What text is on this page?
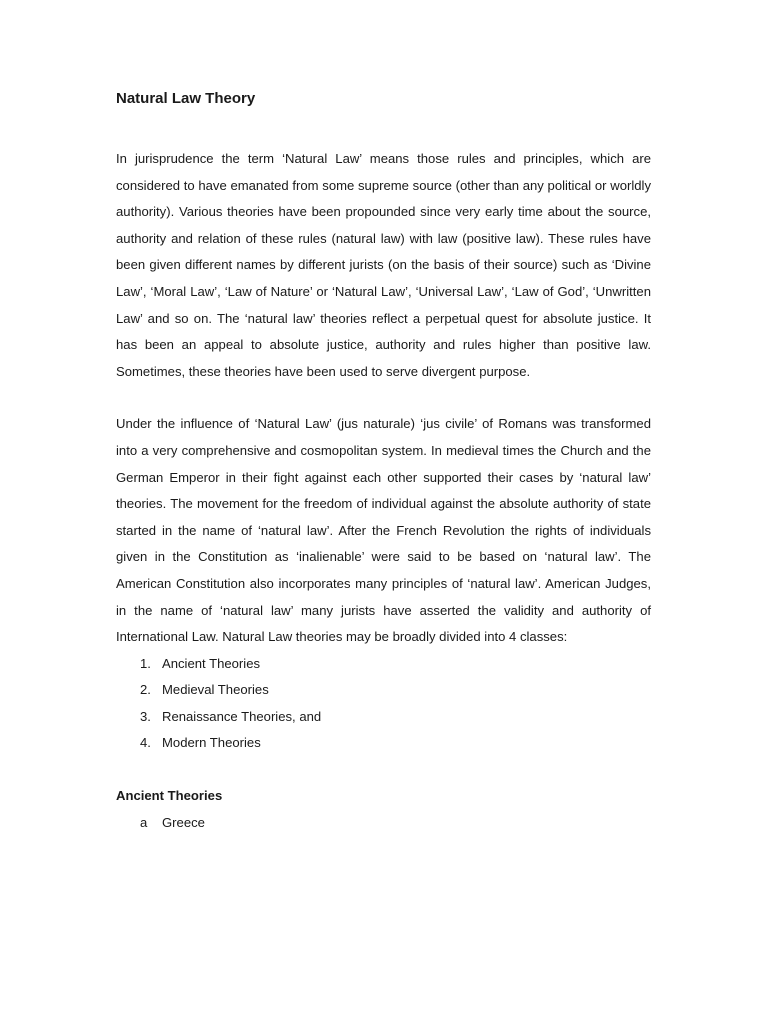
Natural Law Theory

In jurisprudence the term ‘Natural Law’ means those rules and principles, which are considered to have emanated from some supreme source (other than any political or worldly authority). Various theories have been propounded since very early time about the source, authority and relation of these rules (natural law) with law (positive law). These rules have been given different names by different jurists (on the basis of their source) such as ‘Divine Law’, ‘Moral Law’, ‘Law of Nature’ or ‘Natural Law’, ‘Universal Law’, ‘Law of God’, ‘Unwritten Law’ and so on. The ‘natural law’ theories reflect a perpetual quest for absolute justice. It has been an appeal to absolute justice, authority and rules higher than positive law. Sometimes, these theories have been used to serve divergent purpose.

Under the influence of ‘Natural Law’ (jus naturale) ‘jus civile’ of Romans was transformed into a very comprehensive and cosmopolitan system. In medieval times the Church and the German Emperor in their fight against each other supported their cases by ‘natural law’ theories. The movement for the freedom of individual against the absolute authority of state started in the name of ‘natural law’. After the French Revolution the rights of individuals given in the Constitution as ‘inalienable’ were said to be based on ‘natural law’. The American Constitution also incorporates many principles of ‘natural law’. American Judges, in the name of ‘natural law’ many jurists have asserted the validity and authority of International Law. Natural Law theories may be broadly divided into 4 classes:

1. Ancient Theories
2. Medieval Theories
3. Renaissance Theories, and
4. Modern Theories
Ancient Theories
a	Greece
